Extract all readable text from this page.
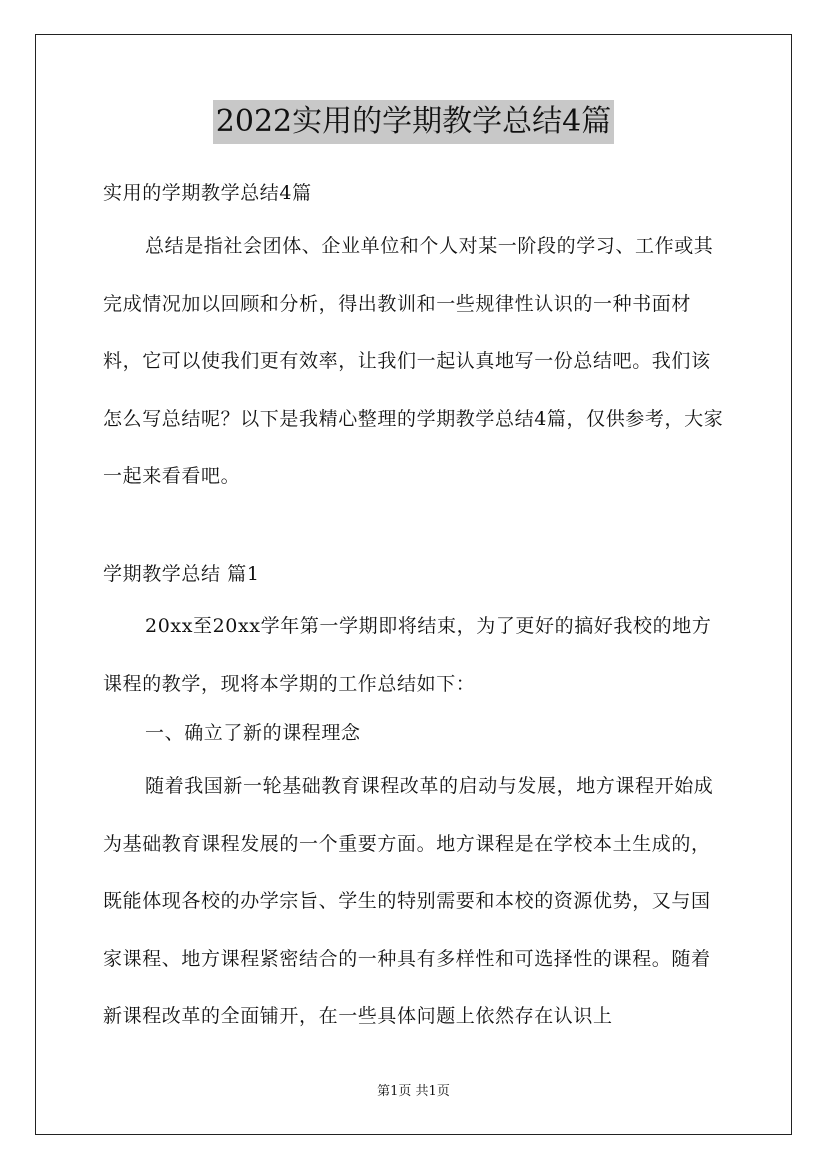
2022实用的学期教学总结4篇

实用的学期教学总结4篇

总结是指社会团体、企业单位和个人对某一阶段的学习、工作或其完成情况加以回顾和分析，得出教训和一些规律性认识的一种书面材料，它可以使我们更有效率，让我们一起认真地写一份总结吧。我们该怎么写总结呢？以下是我精心整理的学期教学总结4篇，仅供参考，大家一起来看看吧。

学期教学总结 篇1

20xx至20xx学年第一学期即将结束，为了更好的搞好我校的地方课程的教学，现将本学期的工作总结如下：

一、确立了新的课程理念

随着我国新一轮基础教育课程改革的启动与发展，地方课程开始成为基础教育课程发展的一个重要方面。地方课程是在学校本土生成的，既能体现各校的办学宗旨、学生的特别需要和本校的资源优势，又与国家课程、地方课程紧密结合的一种具有多样性和可选择性的课程。随着新课程改革的全面铺开，在一些具体问题上依然存在认识上

第1页 共1页
